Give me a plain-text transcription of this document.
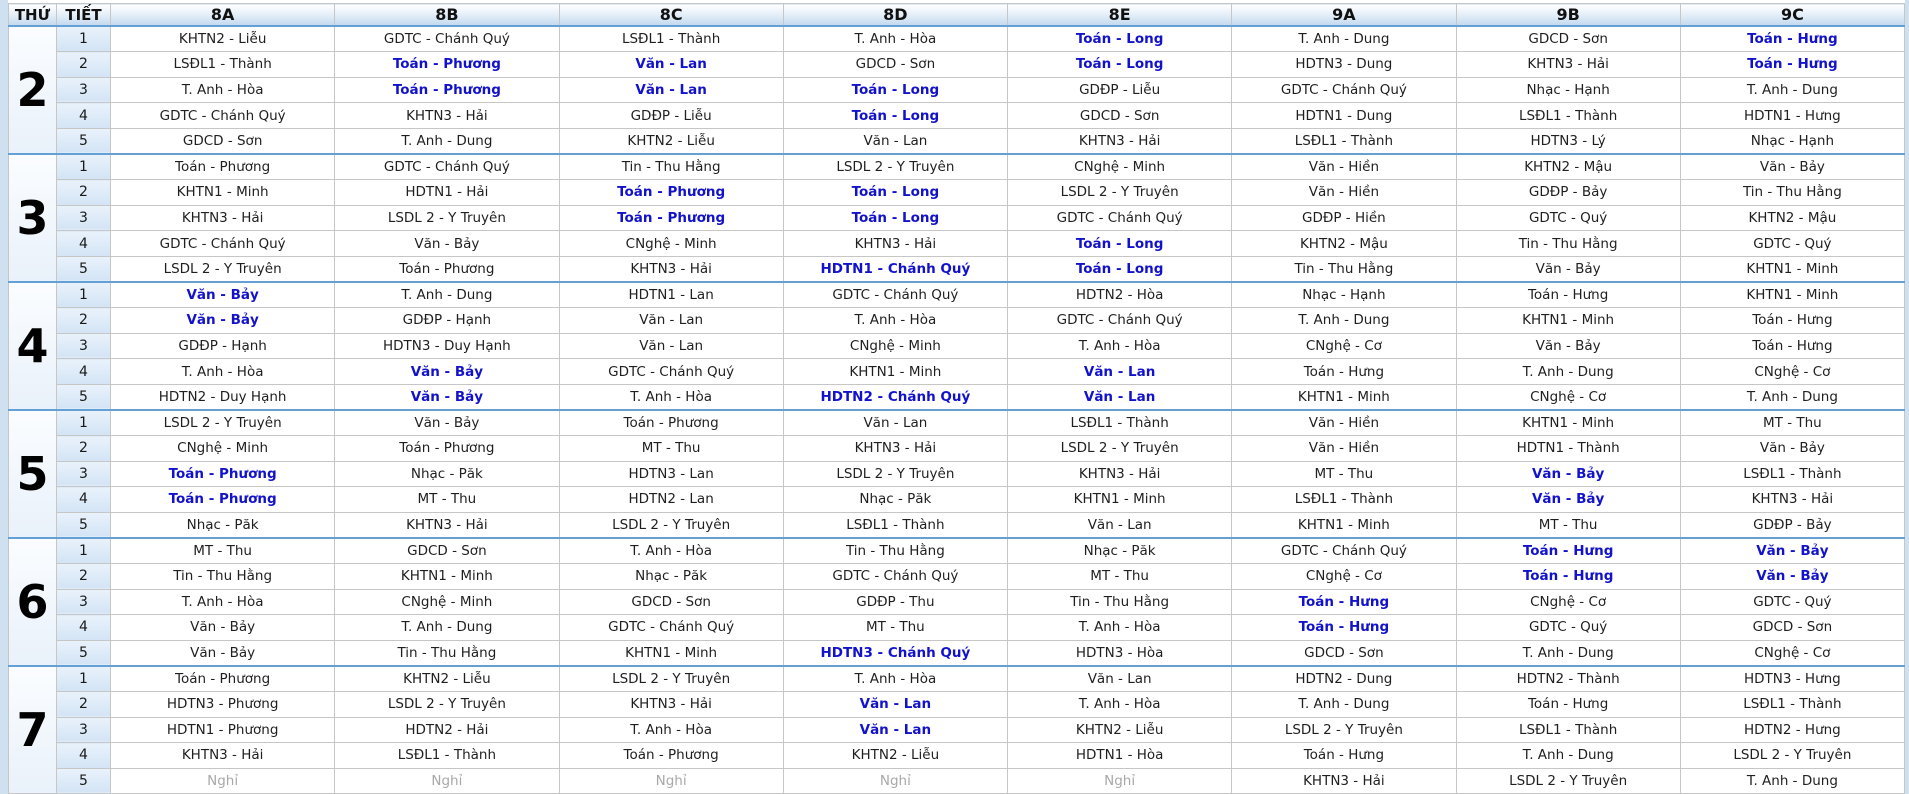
THỨ	TIẾT	8A	8B	8C	8D	8E	9A	9B	9C
2	1	KHTN2 - Liễu	GDTC - Chánh Quý	LSĐL1 - Thành	T. Anh - Hòa	Toán - Long	T. Anh - Dung	GDCD - Sơn	Toán - Hưng
	2	LSĐL1 - Thành	Toán - Phương	Văn - Lan	GDCD - Sơn	Toán - Long	HDTN3 - Dung	KHTN3 - Hải	Toán - Hưng
	3	T. Anh - Hòa	Toán - Phương	Văn - Lan	Toán - Long	GDĐP - Liễu	GDTC - Chánh Quý	Nhạc - Hạnh	T. Anh - Dung
	4	GDTC - Chánh Quý	KHTN3 - Hải	GDĐP - Liễu	Toán - Long	GDCD - Sơn	HDTN1 - Dung	LSĐL1 - Thành	HDTN1 - Hưng
	5	GDCD - Sơn	T. Anh - Dung	KHTN2 - Liễu	Văn - Lan	KHTN3 - Hải	LSĐL1 - Thành	HDTN3 - Lý	Nhạc - Hạnh
3	1	Toán - Phương	GDTC - Chánh Quý	Tin - Thu Hằng	LSDL 2 - Y Truyên	CNghệ - Minh	Văn - Hiền	KHTN2 - Mậu	Văn - Bảy
	2	KHTN1 - Minh	HDTN1 - Hải	Toán - Phương	Toán - Long	LSDL 2 - Y Truyên	Văn - Hiền	GDĐP - Bảy	Tin - Thu Hằng
	3	KHTN3 - Hải	LSDL 2 - Y Truyên	Toán - Phương	Toán - Long	GDTC - Chánh Quý	GDĐP - Hiền	GDTC - Quý	KHTN2 - Mậu
	4	GDTC - Chánh Quý	Văn - Bảy	CNghệ - Minh	KHTN3 - Hải	Toán - Long	KHTN2 - Mậu	Tin - Thu Hằng	GDTC - Quý
	5	LSDL 2 - Y Truyên	Toán - Phương	KHTN3 - Hải	HDTN1 - Chánh Quý	Toán - Long	Tin - Thu Hằng	Văn - Bảy	KHTN1 - Minh
4	1	Văn - Bảy	T. Anh - Dung	HDTN1 - Lan	GDTC - Chánh Quý	HDTN2 - Hòa	Nhạc - Hạnh	Toán - Hưng	KHTN1 - Minh
	2	Văn - Bảy	GDĐP - Hạnh	Văn - Lan	T. Anh - Hòa	GDTC - Chánh Quý	T. Anh - Dung	KHTN1 - Minh	Toán - Hưng
	3	GDĐP - Hạnh	HDTN3 - Duy Hạnh	Văn - Lan	CNghệ - Minh	T. Anh - Hòa	CNghệ - Cơ	Văn - Bảy	Toán - Hưng
	4	T. Anh - Hòa	Văn - Bảy	GDTC - Chánh Quý	KHTN1 - Minh	Văn - Lan	Toán - Hưng	T. Anh - Dung	CNghệ - Cơ
	5	HDTN2 - Duy Hạnh	Văn - Bảy	T. Anh - Hòa	HDTN2 - Chánh Quý	Văn - Lan	KHTN1 - Minh	CNghệ - Cơ	T. Anh - Dung
5	1	LSDL 2 - Y Truyên	Văn - Bảy	Toán - Phương	Văn - Lan	LSĐL1 - Thành	Văn - Hiền	KHTN1 - Minh	MT - Thu
	2	CNghệ - Minh	Toán - Phương	MT - Thu	KHTN3 - Hải	LSDL 2 - Y Truyên	Văn - Hiền	HDTN1 - Thành	Văn - Bảy
	3	Toán - Phương	Nhạc - Păk	HDTN3 - Lan	LSDL 2 - Y Truyên	KHTN3 - Hải	MT - Thu	Văn - Bảy	LSĐL1 - Thành
	4	Toán - Phương	MT - Thu	HDTN2 - Lan	Nhạc - Păk	KHTN1 - Minh	LSĐL1 - Thành	Văn - Bảy	KHTN3 - Hải
	5	Nhạc - Păk	KHTN3 - Hải	LSDL 2 - Y Truyên	LSĐL1 - Thành	Văn - Lan	KHTN1 - Minh	MT - Thu	GDĐP - Bảy
6	1	MT - Thu	GDCD - Sơn	T. Anh - Hòa	Tin - Thu Hằng	Nhạc - Păk	GDTC - Chánh Quý	Toán - Hưng	Văn - Bảy
	2	Tin - Thu Hằng	KHTN1 - Minh	Nhạc - Păk	GDTC - Chánh Quý	MT - Thu	CNghệ - Cơ	Toán - Hưng	Văn - Bảy
	3	T. Anh - Hòa	CNghệ - Minh	GDCD - Sơn	GDĐP - Thu	Tin - Thu Hằng	Toán - Hưng	CNghệ - Cơ	GDTC - Quý
	4	Văn - Bảy	T. Anh - Dung	GDTC - Chánh Quý	MT - Thu	T. Anh - Hòa	Toán - Hưng	GDTC - Quý	GDCD - Sơn
	5	Văn - Bảy	Tin - Thu Hằng	KHTN1 - Minh	HDTN3 - Chánh Quý	HDTN3 - Hòa	GDCD - Sơn	T. Anh - Dung	CNghệ - Cơ
7	1	Toán - Phương	KHTN2 - Liễu	LSDL 2 - Y Truyên	T. Anh - Hòa	Văn - Lan	HDTN2 - Dung	HDTN2 - Thành	HDTN3 - Hưng
	2	HDTN3 - Phương	LSDL 2 - Y Truyên	KHTN3 - Hải	Văn - Lan	T. Anh - Hòa	T. Anh - Dung	Toán - Hưng	LSĐL1 - Thành
	3	HDTN1 - Phương	HDTN2 - Hải	T. Anh - Hòa	Văn - Lan	KHTN2 - Liễu	LSDL 2 - Y Truyên	LSĐL1 - Thành	HDTN2 - Hưng
	4	KHTN3 - Hải	LSĐL1 - Thành	Toán - Phương	KHTN2 - Liễu	HDTN1 - Hòa	Toán - Hưng	T. Anh - Dung	LSDL 2 - Y Truyên
	5	Nghỉ	Nghỉ	Nghỉ	Nghỉ	Nghỉ	KHTN3 - Hải	LSDL 2 - Y Truyên	T. Anh - Dung
